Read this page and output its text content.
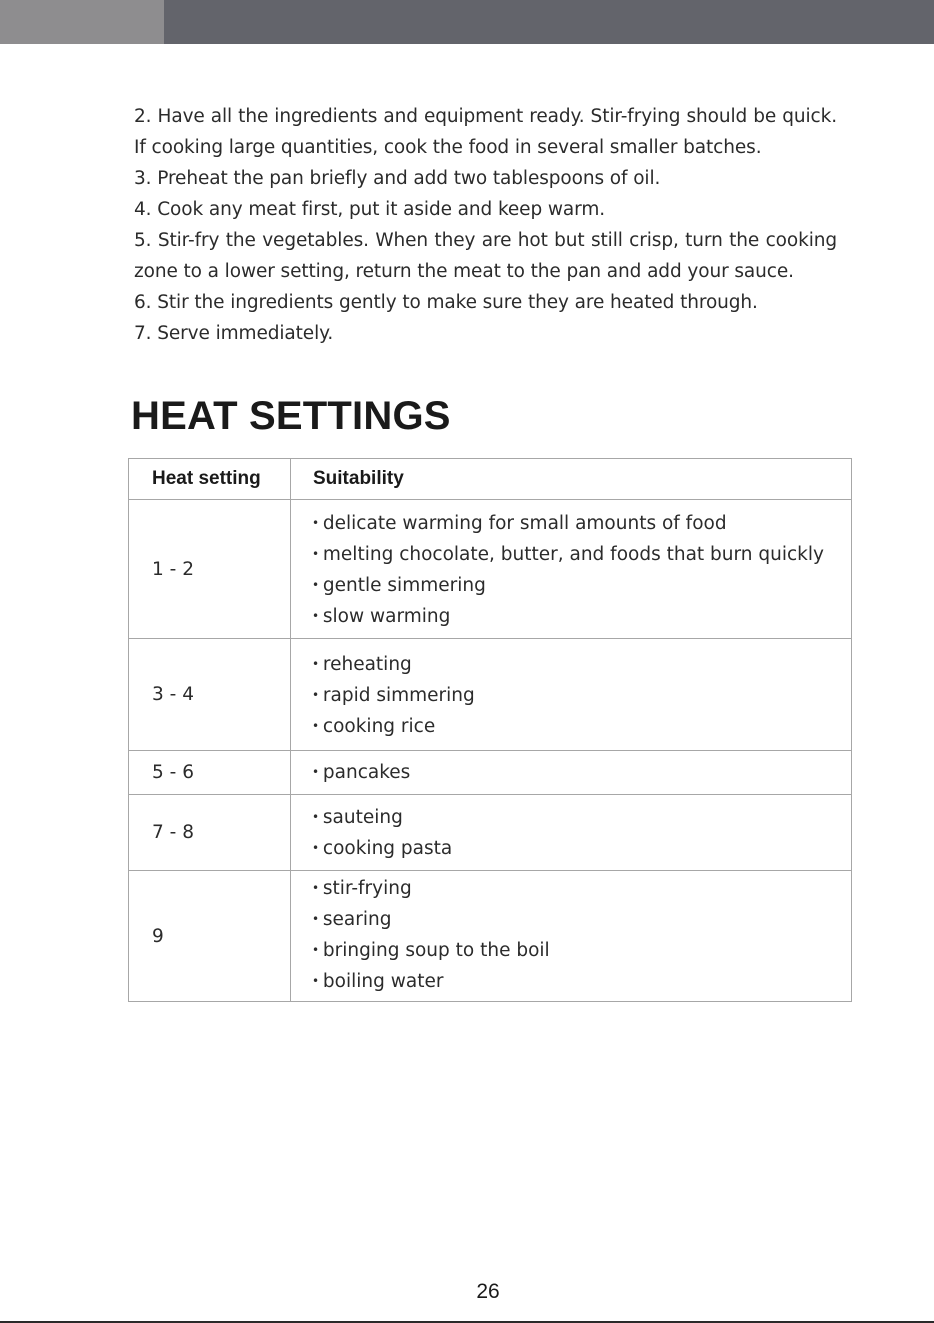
2. Have all the ingredients and equipment ready. Stir-frying should be quick. If cooking large quantities, cook the food in several smaller batches.

3. Preheat the pan briefly and add two tablespoons of oil.

4. Cook any meat first, put it aside and keep warm.

5. Stir-fry the vegetables. When they are hot but still crisp, turn the cooking zone to a lower setting, return the meat to the pan and add your sauce.

6. Stir the ingredients gently to make sure they are heated through.

7. Serve immediately.

HEAT SETTINGS
Heat setting	Suitability
1 - 2	• delicate warming for small amounts of food
• melting chocolate, butter, and foods that burn quickly
• gentle simmering
• slow warming

3 - 4	• reheating
• rapid simmering
• cooking rice

5 - 6	• pancakes

7 - 8	• sauteing
• cooking pasta

9	• stir-frying
• searing
• bringing soup to the boil
• boiling water
26
